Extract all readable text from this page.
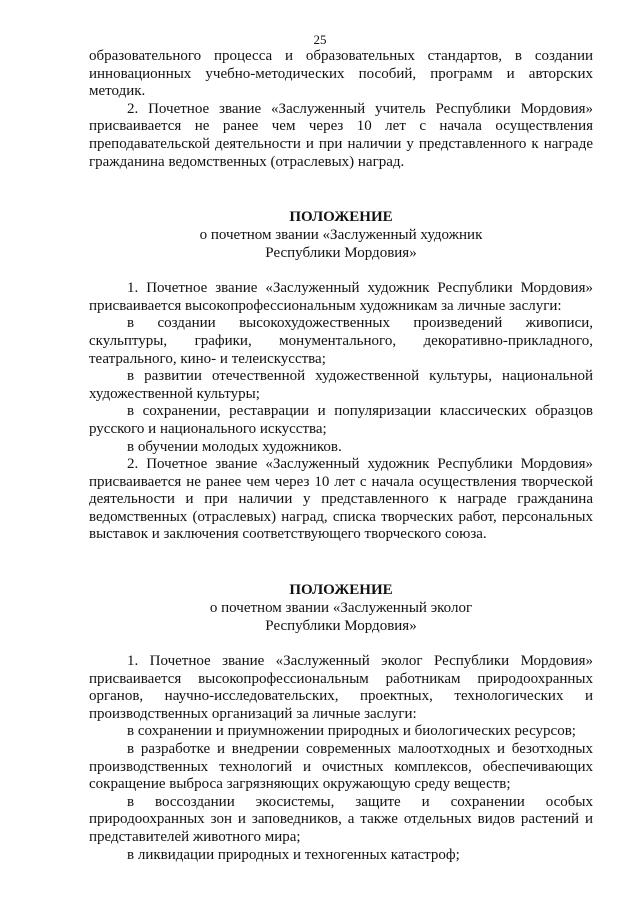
25

образовательного процесса и образовательных стандартов, в создании инновационных учебно-методических пособий, программ и авторских методик.

2. Почетное звание «Заслуженный учитель Республики Мордовия» присваивается не ранее чем через 10 лет с начала осуществления преподавательской деятельности и при наличии у представленного к награде гражданина ведомственных (отраслевых) наград.

ПОЛОЖЕНИЕ

о почетном звании «Заслуженный художник

Республики Мордовия»

1. Почетное звание «Заслуженный художник Республики Мордовия» присваивается высокопрофессиональным художникам за личные заслуги:

в создании высокохудожественных произведений живописи, скульптуры, графики, монументального, декоративно-прикладного, театрального, кино- и телеискусства;

в развитии отечественной художественной культуры, национальной художественной культуры;

в сохранении, реставрации и популяризации классических образцов русского и национального искусства;

в обучении молодых художников.

2. Почетное звание «Заслуженный художник Республики Мордовия» присваивается не ранее чем через 10 лет с начала осуществления творческой деятельности и при наличии у представленного к награде гражданина ведомственных (отраслевых) наград, списка творческих работ, персональных выставок и заключения соответствующего творческого союза.

ПОЛОЖЕНИЕ

о почетном звании «Заслуженный эколог

Республики Мордовия»

1. Почетное звание «Заслуженный эколог Республики Мордовия» присваивается высокопрофессиональным работникам природоохранных органов, научно-исследовательских, проектных, технологических и производственных организаций за личные заслуги:

в сохранении и приумножении природных и биологических ресурсов;

в разработке и внедрении современных малоотходных и безотходных производственных технологий и очистных комплексов, обеспечивающих сокращение выброса загрязняющих окружающую среду веществ;

в воссоздании экосистемы, защите и сохранении особых природоохранных зон и заповедников, а также отдельных видов растений и представителей животного мира;

в ликвидации природных и техногенных катастроф;
